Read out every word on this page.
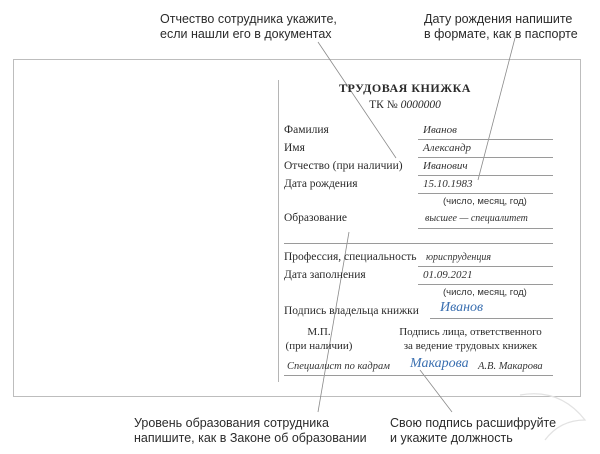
Отчество сотрудника укажите,
если нашли его в документах
Дату рождения напишите
в формате, как в паспорте
Уровень образования сотрудника
напишите, как в Законе об образовании
Свою подпись расшифруйте
и укажите должность
ТРУДОВАЯ КНИЖКА
ТК № 0000000
Фамилия	Иванов
Имя	Александр
Отчество (при наличии) Иванович
Дата рождения	15.10.1983
(число, месяц, год)
Образование	высшее — специалитет
Профессия, специальность юриспруденция
Дата заполнения	01.09.2021
(число, месяц, год)
Подпись владельца книжки Иванов
М.П.
(при наличии)
Подпись лица, ответственного
за ведение трудовых книжек
Специалист по кадрам Макарова А.В. Макарова
